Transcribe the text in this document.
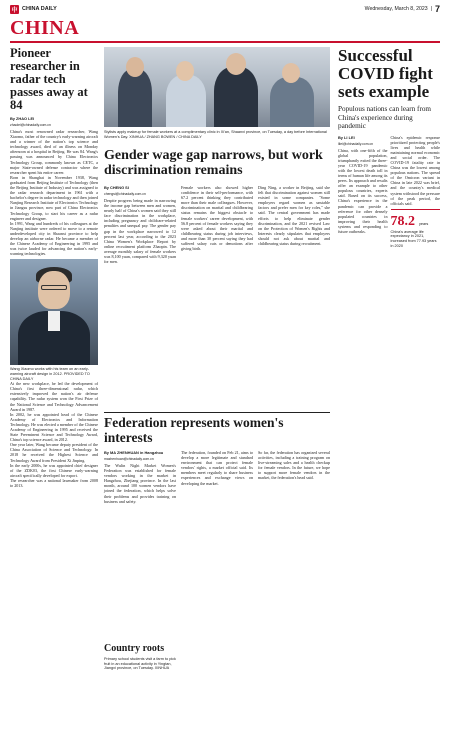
中 CHINA DAILY	Wednesday, March 8, 2023 | 7
CHINA
Pioneer researcher in radar tech passes away at 84
By ZHAO LEI
zhaolei@chinadaily.com.cn

China's most renowned radar researcher, Wang Xiaomo, father of the country's early-warning aircraft and a winner of the nation's top science and technology award, died of an illness on Monday afternoon at a hospital in Beijing. He was 84. Wang's passing was announced by China Electronics Technology Group, commonly known as CETC, a major State-owned defense contractor where the researcher spent his entire career.

Born in Shanghai in November 1938, Wang graduated from Beijing Institute of Technology (then the Beijing Institute of Industry) and was assigned to the radar research department in 1961 with a bachelor's degree in radar technology and then joined Nanjing Research Institute of Electronics Technology in Jiangsu province, now part of China Electronics Technology Group, to start his career as a radar engineer and designer.

In 1991, Wang and hundreds of his colleagues at the Nanjing institute were ordered to move to a remote underdeveloped city in Shaanxi province to help develop an airborne radar. He became a member of the Chinese Academy of Engineering in 1995 and was twice lauded for advancing the nation's early-warning technologies.

Wang Xiaomo works with his team on an early-warning aircraft design in 2012. PROVIDED TO CHINA DAILY

At the new workplace, he led the development of China's first three-dimensional radar, which extensively improved the nation's air defense capability. The radar system won the First Prize of the National Science and Technology Advancement Award in 1987.

In 2002, he was appointed head of the Chinese Academy of Electronics and Information Technology. He was elected a member of the Chinese Academy of Engineering in 1995 and received the State Preeminent Science and Technology Award, China's top science award, in 2012.

One year later, Wang became deputy president of the China Association of Science and Technology. In 2018 he received the Highest Science and Technology Award from President Xi Jinping.

In the early 2000s, he was appointed chief designer of the ZDK03, the first Chinese early-warning aircraft specifically developed for export.

The researcher was a national lawmaker from 2008 to 2013.

Stylists apply makeup for female workers at a complimentary clinic in Xi'an, Shaanxi province, on Tuesday, a day before International Women's Day. XINHUA / ZHANG BOWEN / CHINA DAILY
Gender wage gap narrows, but work discrimination remains
By CHENG SI
chengsi@chinadaily.com.cn

Despite progress being made in narrowing the income gap between men and women, nearly half of China's women said they still face discrimination in the workplace, including pregnancy and childcare-related penalties and unequal pay. The gender pay gap in the workplace narrowed to 12 percent last year, according to the 2023 China Women's Workplace Report by online recruitment platform Zhaopin. The average monthly salary of female workers was 8,100 yuan, compared with 9,320 yuan for men.

Female workers also showed higher confidence in their self-performance, with 67.2 percent thinking they contributed more than their male colleagues. However, discrimination on marital and childbearing status remains the biggest obstacle to female workers' career development, with 56.8 percent of female workers saying they were asked about their marital and childbearing status during job interviews, and more than 30 percent saying they had suffered salary cuts or demotions after giving birth.

Ding Ning, a worker in Beijing, said she felt that discrimination against women still existed in some companies. "Some employers regard women as unstable factors and prefer men for key roles," she said. The central government has made efforts to help eliminate gender discrimination, and the 2021 revised Law on the Protection of Women's Rights and Interests clearly stipulates that employers should not ask about marital and childbearing status during recruitment.

Federation represents women's interests
By MA ZHENHUAN in Hangzhou
mazhenhuan@chinadaily.com.cn

The Wulin Night Market Women's Federation was established for female vendors working in the market in Hangzhou, Zhejiang province. In the last month, around 100 women vendors have joined the federation, which helps solve their problems and provides training on business and safety.

The federation, founded on Feb 21, aims to develop a more legitimate and standard environment that can protect female vendors' rights, a market official said. Its members meet regularly to share business experiences and exchange views on developing the market.

So far, the federation has organized several activities, including a training program on live-streaming sales and a health checkup for female vendors. In the future, we hope to support more female vendors in the market, the federation's head said.

Country roots

Primary school students visit a farm to pick fruit in an educational activity in Yingtan, Jiangxi province, on Tuesday. XINHUA

Successful COVID fight sets example
Populous nations can learn from China's experience during pandemic
By LI LEI
lilei@chinadaily.com.cn

China, with one-fifth of the global population, triumphantly exited the three-year COVID-19 pandemic with the lowest death toll in terms of human life among its peers. Its approach and results offer an example to other populous countries, experts said. Based on its success, China's experience in the pandemic can provide a reference for other densely populated countries in improving their health systems and responding to future outbreaks.

China's epidemic response prioritized protecting people's lives and health while maintaining normal economic and social order. The COVID-19 fatality rate in China was the lowest among populous nations. The spread of the Omicron variant in China in late 2022 was brief, and the country's medical system withstood the pressure of the peak period, the officials said.

78.2 years
China's average life expectancy in 2021, increased from 77.93 years in 2020
